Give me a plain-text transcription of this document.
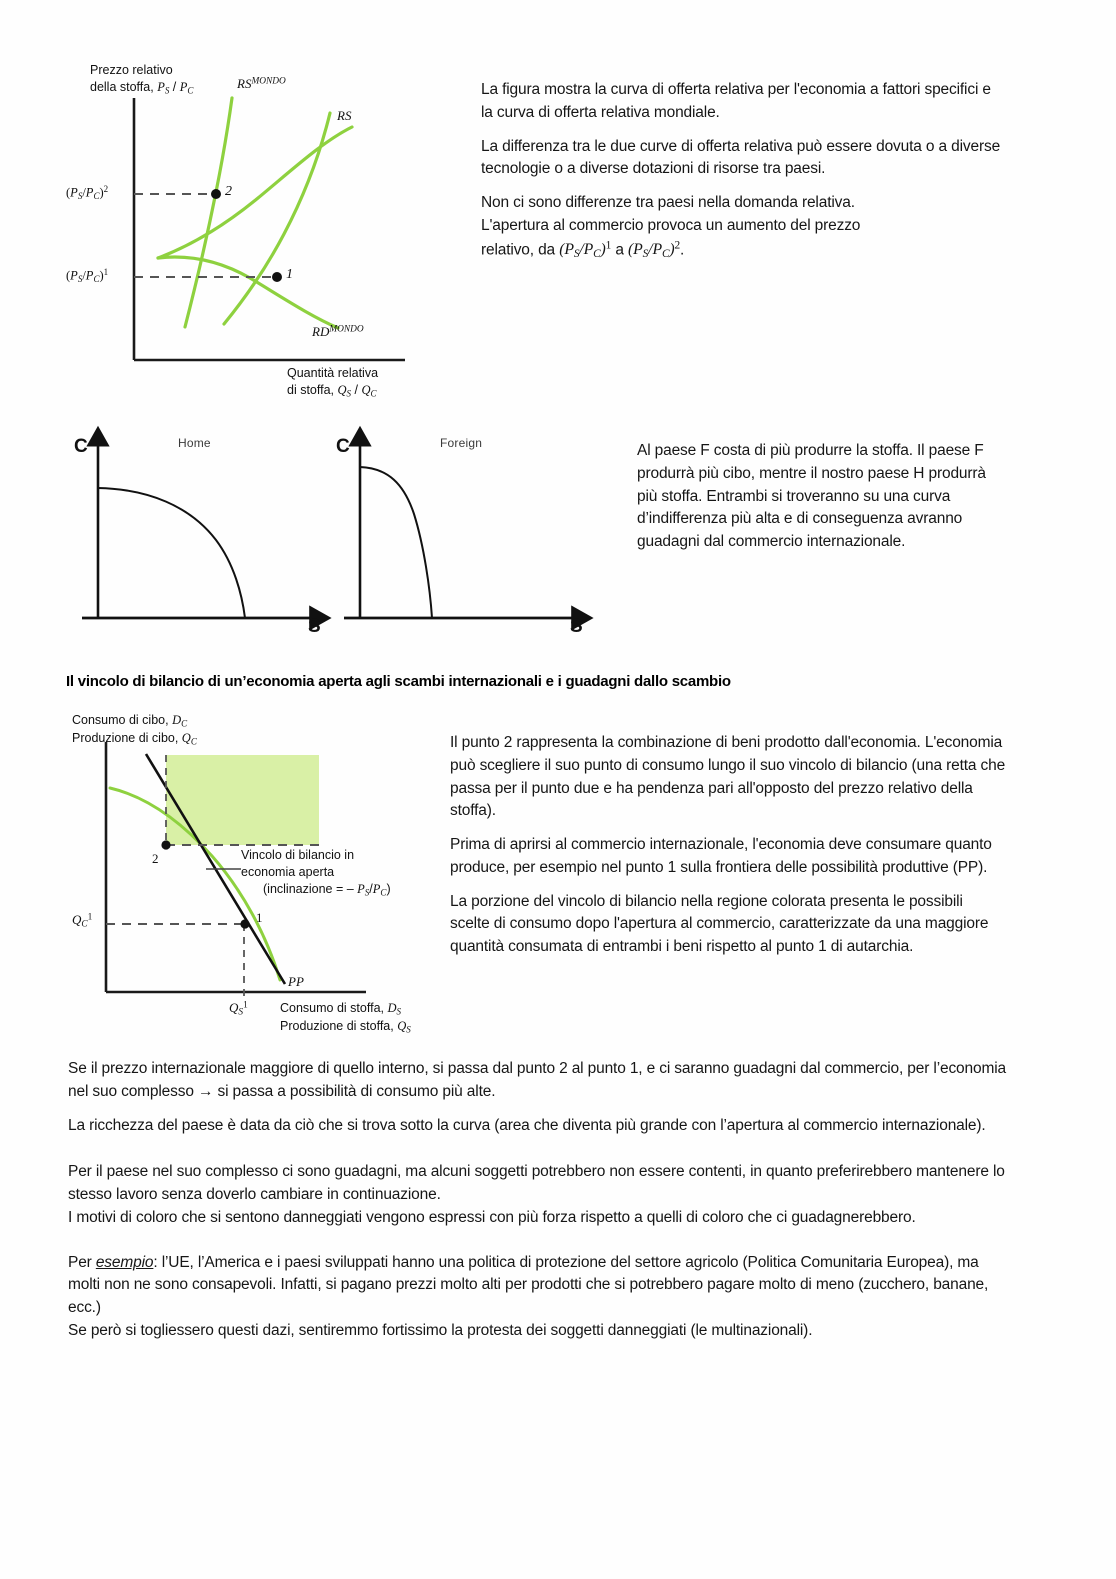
Prezzo relativo
della stoffa, $P_S / P_C$	$RS^{MONDO}$
RS
$RD^{MONDO}$
$(P_S/P_C)^2$
$(P_S/P_C)^1$
2
1
Quantità relativa
di stoffa, $Q_S / Q_C$

La figura mostra la curva di offerta relativa per l'economia a fattori specifici e la curva di offerta relativa mondiale.

La differenza tra le due curve di offerta relativa può essere dovuta o a diverse tecnologie o a diverse dotazioni di risorse tra paesi.

Non ci sono differenze tra paesi nella domanda relativa.
L'apertura al commercio provoca un aumento del prezzo
relativo, da $(P_S/P_C)^1$ a $(P_S/P_C)^2$.

Home
C
S
Foreign
C
S

Al paese F costa di più produrre la stoffa. Il paese F produrrà più cibo, mentre il nostro paese H produrrà più stoffa. Entrambi si troveranno su una curva d’indifferenza più alta e di conseguenza avranno guadagni dal commercio internazionale.

Il vincolo di bilancio di un’economia aperta agli scambi internazionali e i guadagni dallo scambio
Consumo di cibo, $D_C$
Produzione di cibo, $Q_C$
2
1
$Q_C^1$
$Q_S^1$
PP
Vincolo di bilancio in
economia aperta
(inclinazione = – $P_S/P_C$)
Consumo di stoffa, $D_S$
Produzione di stoffa, $Q_S$

Il punto 2 rappresenta la combinazione di beni prodotto dall'economia. L'economia può scegliere il suo punto di consumo lungo il suo vincolo di bilancio (una retta che passa per il punto due e ha pendenza pari all'opposto del prezzo relativo della stoffa).

Prima di aprirsi al commercio internazionale, l'economia deve consumare quanto produce, per esempio nel punto 1 sulla frontiera delle possibilità produttive (PP).

La porzione del vincolo di bilancio nella regione colorata presenta le possibili scelte di consumo dopo l'apertura al commercio, caratterizzate da una maggiore quantità consumata di entrambi i beni rispetto al punto 1 di autarchia.

Se il prezzo internazionale maggiore di quello interno, si passa dal punto 2 al punto 1, e ci saranno guadagni dal commercio, per l’economia nel suo complesso → si passa a possibilità di consumo più alte.

La ricchezza del paese è data da ciò che si trova sotto la curva (area che diventa più grande con l’apertura al commercio internazionale).

Per il paese nel suo complesso ci sono guadagni, ma alcuni soggetti potrebbero non essere contenti, in quanto preferirebbero mantenere lo stesso lavoro senza doverlo cambiare in continuazione.

I motivi di coloro che si sentono danneggiati vengono espressi con più forza rispetto a quelli di coloro che ci guadagnerebbero.

Per esempio: l’UE, l’America e i paesi sviluppati hanno una politica di protezione del settore agricolo (Politica Comunitaria Europea), ma molti non ne sono consapevoli. Infatti, si pagano prezzi molto alti per prodotti che si potrebbero pagare molto di meno (zucchero, banane, ecc.)

Se però si togliessero questi dazi, sentiremmo fortissimo la protesta dei soggetti danneggiati (le multinazionali).
